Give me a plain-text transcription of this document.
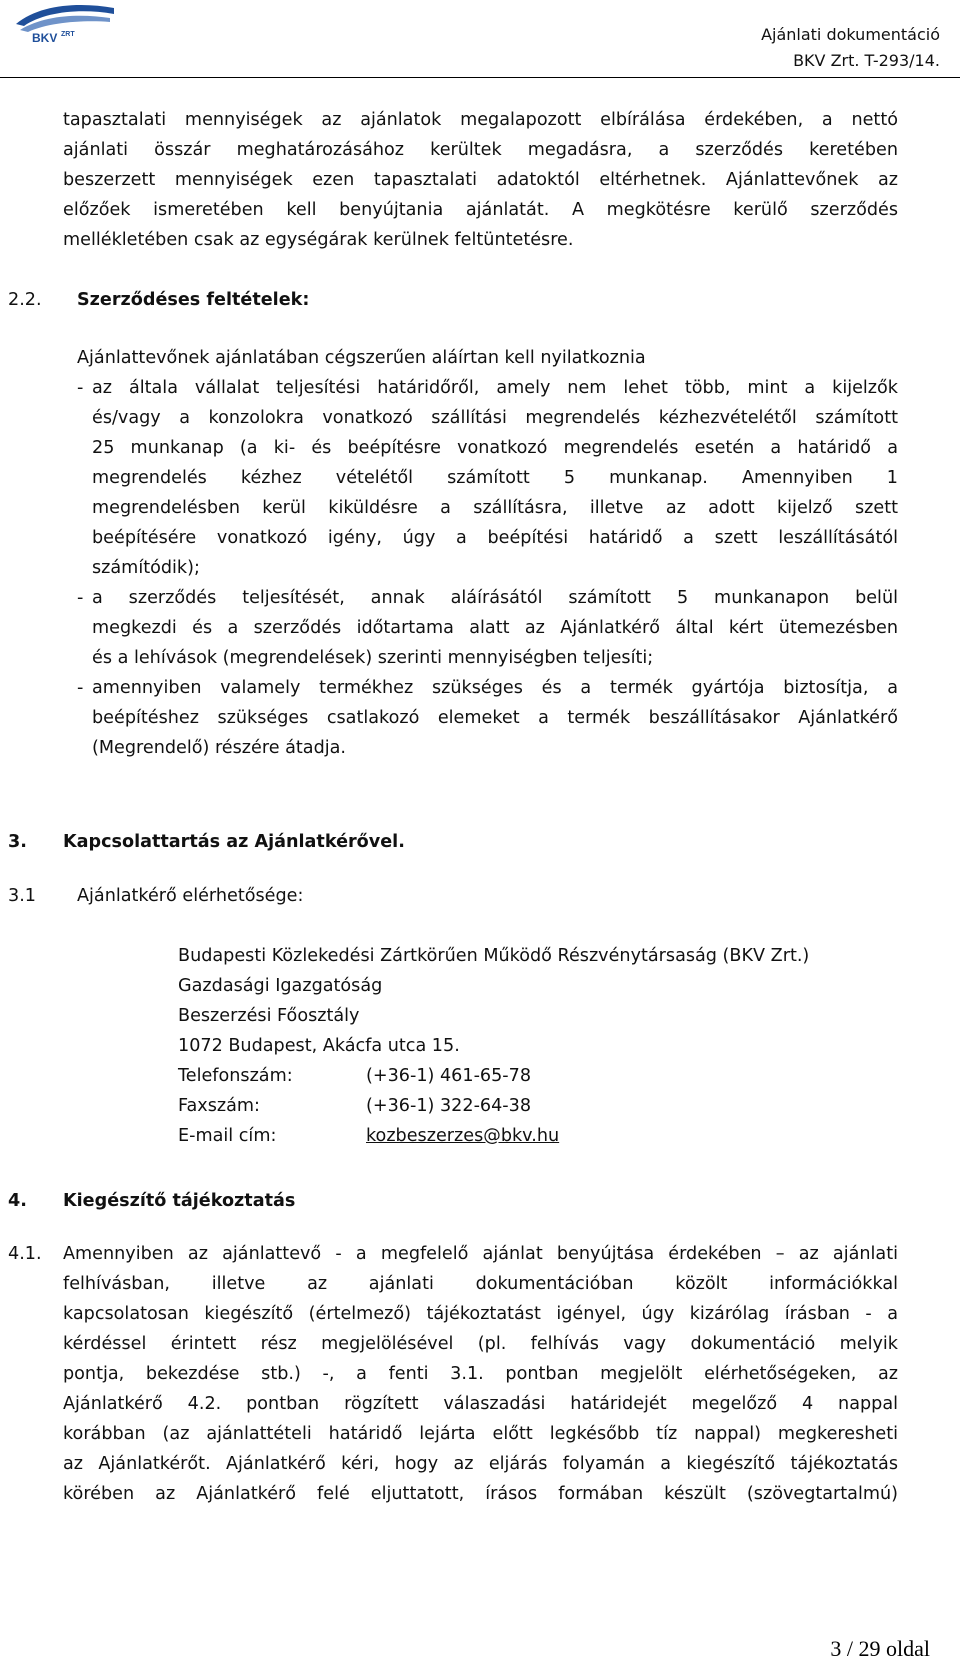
BKV ZRT	Ajánlati dokumentáció
BKV Zrt. T-293/14.
tapasztalati mennyiségek az ajánlatok megalapozott elbírálása érdekében, a nettó
ajánlati összár meghatározásához kerültek megadásra, a szerződés keretében
beszerzett mennyiségek ezen tapasztalati adatoktól eltérhetnek. Ajánlattevőnek az
előzőek ismeretében kell benyújtania ajánlatát. A megkötésre kerülő szerződés
mellékletében csak az egységárak kerülnek feltüntetésre.
2.2. Szerződéses feltételek:
Ajánlattevőnek ajánlatában cégszerűen aláírtan kell nyilatkoznia
- az általa vállalat teljesítési határidőről, amely nem lehet több, mint a kijelzők
és/vagy a konzolokra vonatkozó szállítási megrendelés kézhezvételétől számított
25 munkanap (a ki- és beépítésre vonatkozó megrendelés esetén a határidő a
megrendelés kézhez vételétől számított 5 munkanap. Amennyiben 1
megrendelésben kerül kiküldésre a szállításra, illetve az adott kijelző szett
beépítésére vonatkozó igény, úgy a beépítési határidő a szett leszállításától
számítódik);
- a szerződés teljesítését, annak aláírásától számított 5 munkanapon belül
megkezdi és a szerződés időtartama alatt az Ajánlatkérő által kért ütemezésben
és a lehívások (megrendelések) szerinti mennyiségben teljesíti;
- amennyiben valamely termékhez szükséges és a termék gyártója biztosítja, a
beépítéshez szükséges csatlakozó elemeket a termék beszállításakor Ajánlatkérő
(Megrendelő) részére átadja.
3. Kapcsolattartás az Ajánlatkérővel.
3.1 Ajánlatkérő elérhetősége:
Budapesti Közlekedési Zártkörűen Működő Részvénytársaság (BKV Zrt.)
Gazdasági Igazgatóság
Beszerzési Főosztály
1072 Budapest, Akácfa utca 15.
Telefonszám:	(+36-1) 461-65-78
Faxszám:	(+36-1) 322-64-38
E-mail cím:	kozbeszerzes@bkv.hu
4. Kiegészítő tájékoztatás
4.1. Amennyiben az ajánlattevő - a megfelelő ajánlat benyújtása érdekében – az ajánlati
felhívásban, illetve az ajánlati dokumentációban közölt információkkal
kapcsolatosan kiegészítő (értelmező) tájékoztatást igényel, úgy kizárólag írásban - a
kérdéssel érintett rész megjelölésével (pl. felhívás vagy dokumentáció melyik
pontja, bekezdése stb.) -, a fenti 3.1. pontban megjelölt elérhetőségeken, az
Ajánlatkérő 4.2. pontban rögzített válaszadási határidejét megelőző 4 nappal
korábban (az ajánlattételi határidő lejárta előtt legkésőbb tíz nappal) megkeresheti
az Ajánlatkérőt. Ajánlatkérő kéri, hogy az eljárás folyamán a kiegészítő tájékoztatás
körében az Ajánlatkérő felé eljuttatott, írásos formában készült (szövegtartalmú)
3 / 29 oldal
